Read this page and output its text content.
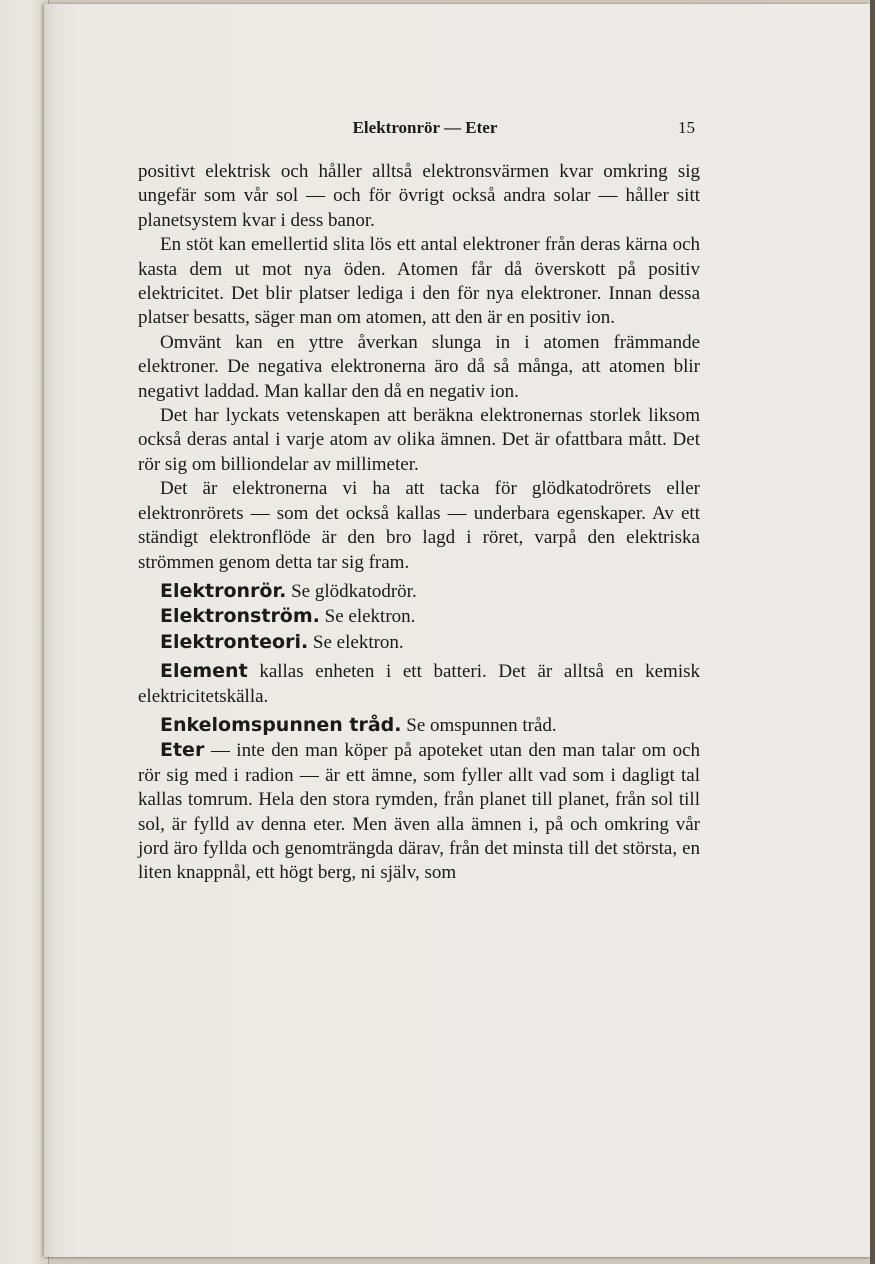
Elektronrör — Eter	15

positivt elektrisk och håller alltså elektronsvärmen kvar omkring sig ungefär som vår sol — och för övrigt också andra solar — håller sitt planetsystem kvar i dess banor.

En stöt kan emellertid slita lös ett antal elektroner från deras kärna och kasta dem ut mot nya öden. Atomen får då överskott på positiv elektricitet. Det blir platser lediga i den för nya elektroner. Innan dessa platser besatts, säger man om atomen, att den är en positiv ion.

Omvänt kan en yttre åverkan slunga in i atomen främmande elektroner. De negativa elektronerna äro då så många, att atomen blir negativt laddad. Man kallar den då en negativ ion.

Det har lyckats vetenskapen att beräkna elektronernas storlek liksom också deras antal i varje atom av olika ämnen. Det är ofattbara mått. Det rör sig om billiondelar av millimeter.

Det är elektronerna vi ha att tacka för glödkatodrörets eller elektronrörets — som det också kallas — underbara egenskaper. Av ett ständigt elektronflöde är den bro lagd i röret, varpå den elektriska strömmen genom detta tar sig fram.

Elektronrör. Se glödkatodrör.

Elektronström. Se elektron.

Elektronteori. Se elektron.

Element kallas enheten i ett batteri. Det är alltså en kemisk elektricitetskälla.

Enkelomspunnen tråd. Se omspunnen tråd.

Eter — inte den man köper på apoteket utan den man talar om och rör sig med i radion — är ett ämne, som fyller allt vad som i dagligt tal kallas tomrum. Hela den stora rymden, från planet till planet, från sol till sol, är fylld av denna eter. Men även alla ämnen i, på och omkring vår jord äro fyllda och genomträngda därav, från det minsta till det största, en liten knappnål, ett högt berg, ni själv, som
